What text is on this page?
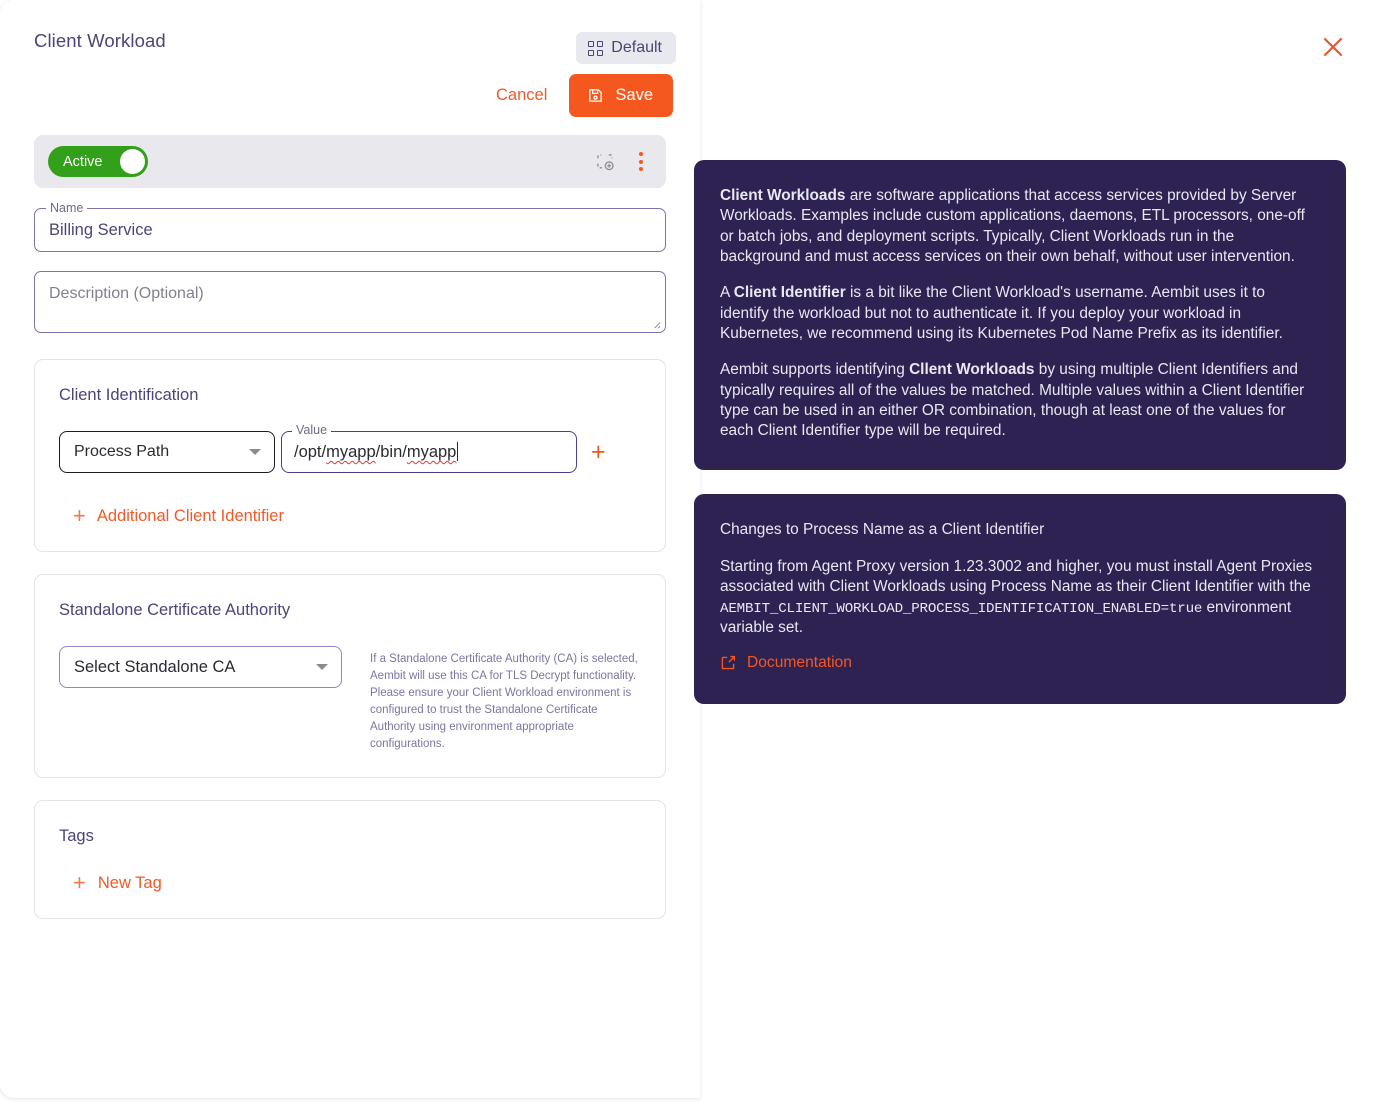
Client Workload	Default
Cancel	Save
Active
Name
Billing Service
Description (Optional)
Client Identification
Process Path
Value
/opt/myapp/bin/myapp	+
+ Additional Client Identifier
Standalone Certificate Authority
Select Standalone CA	If a Standalone Certificate Authority (CA) is selected, Aembit will use this CA for TLS Decrypt functionality. Please ensure your Client Workload environment is configured to trust the Standalone Certificate Authority using environment appropriate configurations.
Tags
+ New Tag

Client Workloads are software applications that access services provided by Server Workloads. Examples include custom applications, daemons, ETL processors, one-off or batch jobs, and deployment scripts. Typically, Client Workloads run in the background and must access services on their own behalf, without user intervention.

A Client Identifier is a bit like the Client Workload's username. Aembit uses it to identify the workload but not to authenticate it. If you deploy your workload in Kubernetes, we recommend using its Kubernetes Pod Name Prefix as its identifier.

Aembit supports identifying Cllent Workloads by using multiple Client Identifiers and typically requires all of the values be matched. Multiple values within a Client Identifier type can be used in an either OR combination, though at least one of the values for each Client Identifier type will be required.

Changes to Process Name as a Client Identifier

Starting from Agent Proxy version 1.23.3002 and higher, you must install Agent Proxies associated with Client Workloads using Process Name as their Client Identifier with the AEMBIT_CLIENT_WORKLOAD_PROCESS_IDENTIFICATION_ENABLED=true environment variable set.

Documentation
